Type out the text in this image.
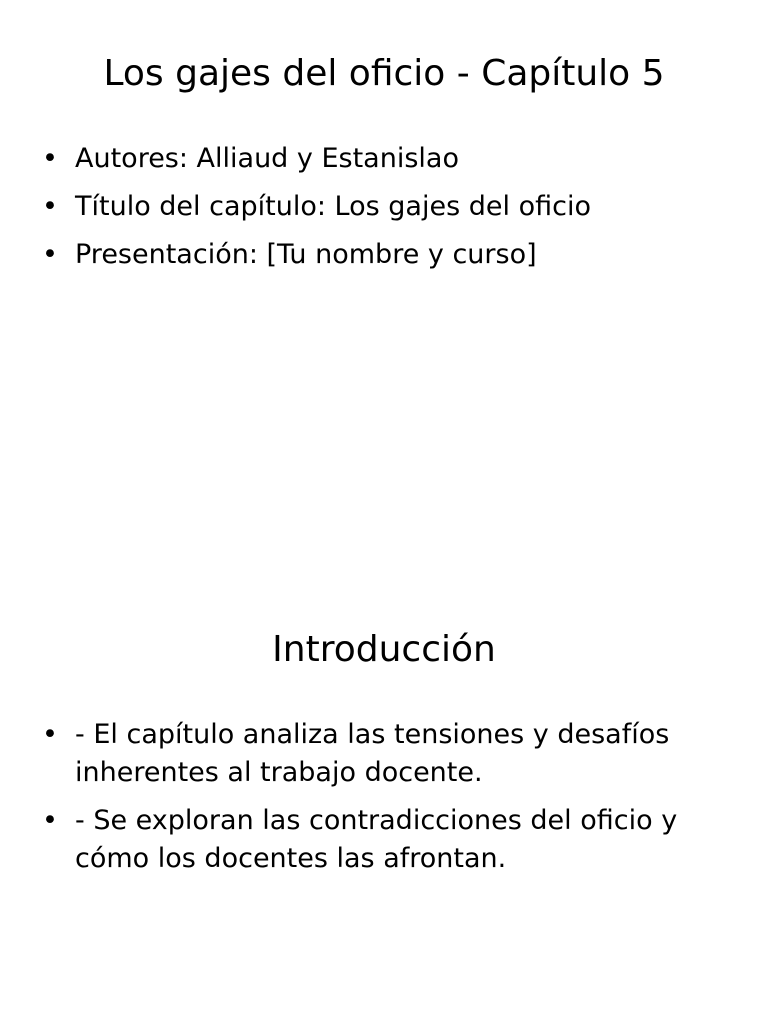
Los gajes del oficio - Capítulo 5
• Autores: Alliaud y Estanislao
• Título del capítulo: Los gajes del oficio
• Presentación: [Tu nombre y curso]
Introducción
• - El capítulo analiza las tensiones y desafíos inherentes al trabajo docente.
• - Se exploran las contradicciones del oficio y cómo los docentes las afrontan.
